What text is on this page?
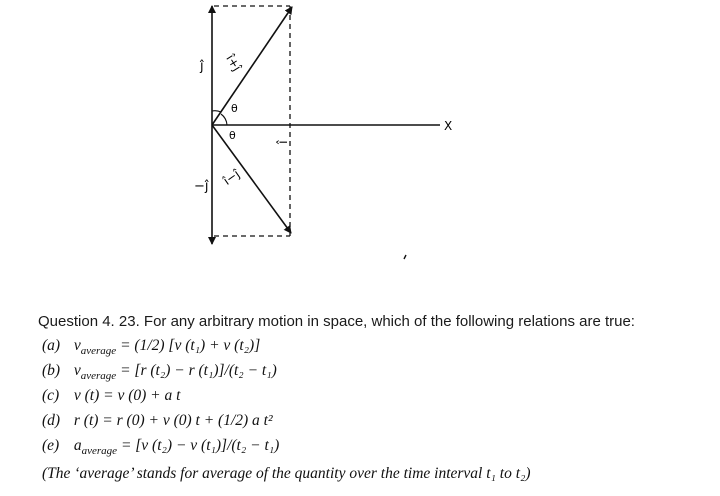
X
θ
θ
ĵ
−ĵ
î
î+ĵ
î−ĵ
Question 4. 23. For any arbitrary motion in space, which of the following relations are true:
(a) $v_{average} = (1/2)$ [v (t₁) + v (t₂)]
(b) $v_{average} = [r$ (t₂) − r (t₁)]/(t₂ − t₁)
(c) v (t) = v (0) + a t
(d) r (t) = r (0) + v (0) t + (1/2) a t²
(e) $a_{average} = [v$ (t₂) − v (t₁)]/(t₂ − t₁)
(The ‘average’ stands for average of the quantity over the time interval t₁ to t₂)
